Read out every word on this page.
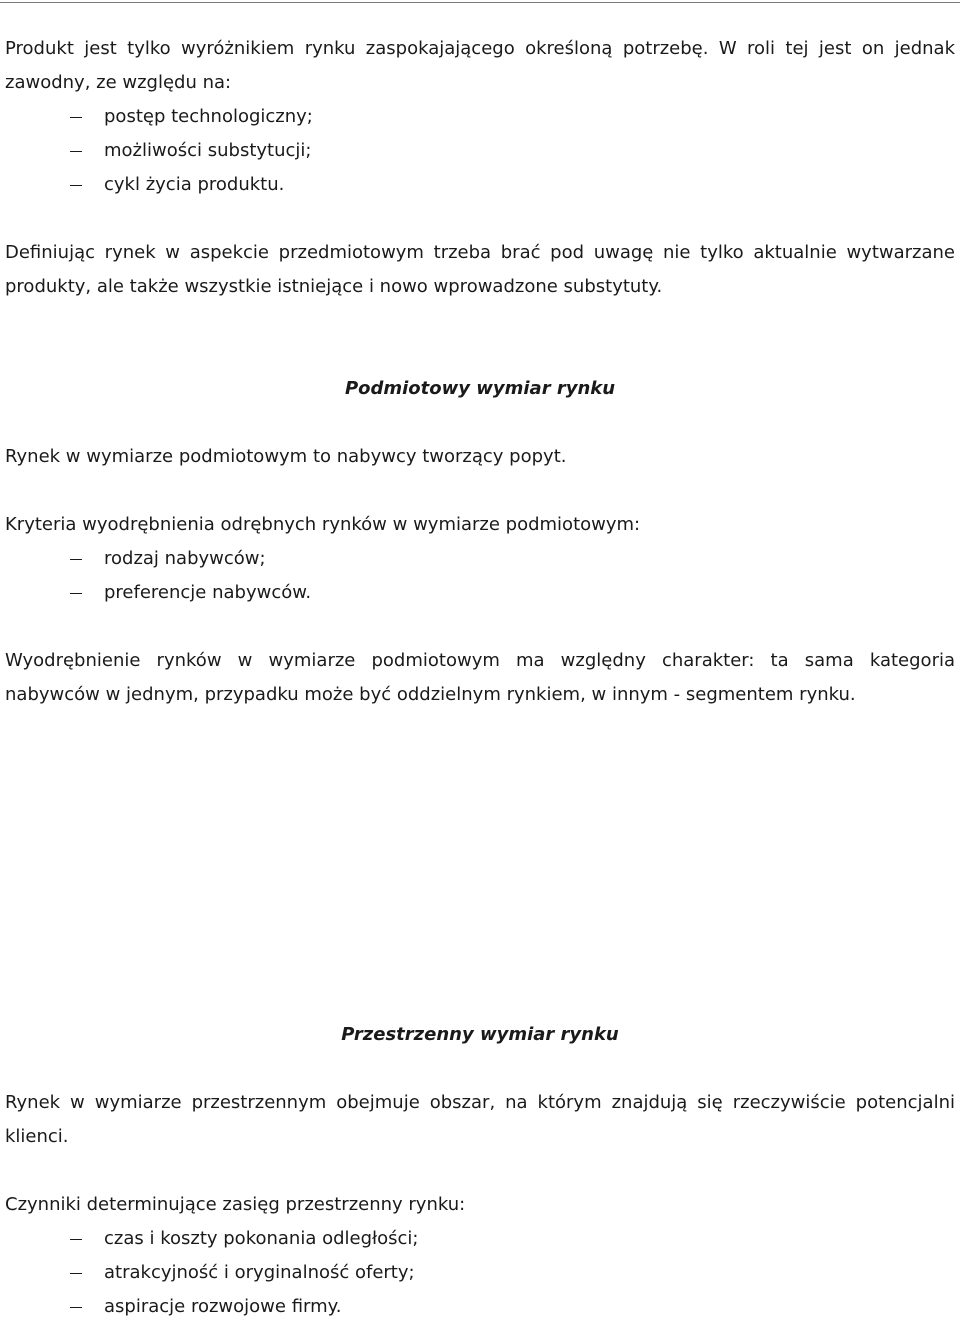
Produkt jest tylko wyróżnikiem rynku zaspokajającego określoną potrzebę. W roli tej jest on jednak
zawodny, ze względu na:
postęp technologiczny;
możliwości substytucji;
cykl życia produktu.
Definiując rynek w aspekcie przedmiotowym trzeba brać pod uwagę nie tylko aktualnie wytwarzane
produkty, ale także wszystkie istniejące i nowo wprowadzone substytuty.
Podmiotowy wymiar rynku
Rynek w wymiarze podmiotowym to nabywcy tworzący popyt.
Kryteria wyodrębnienia odrębnych rynków w wymiarze podmiotowym:
rodzaj nabywców;
preferencje nabywców.
Wyodrębnienie rynków w wymiarze podmiotowym ma względny charakter: ta sama kategoria
nabywców w jednym, przypadku może być oddzielnym rynkiem, w innym - segmentem rynku.
Przestrzenny wymiar rynku
Rynek w wymiarze przestrzennym obejmuje obszar, na którym znajdują się rzeczywiście potencjalni
klienci.
Czynniki determinujące zasięg przestrzenny rynku:
czas i koszty pokonania odległości;
atrakcyjność i oryginalność oferty;
aspiracje rozwojowe firmy.
